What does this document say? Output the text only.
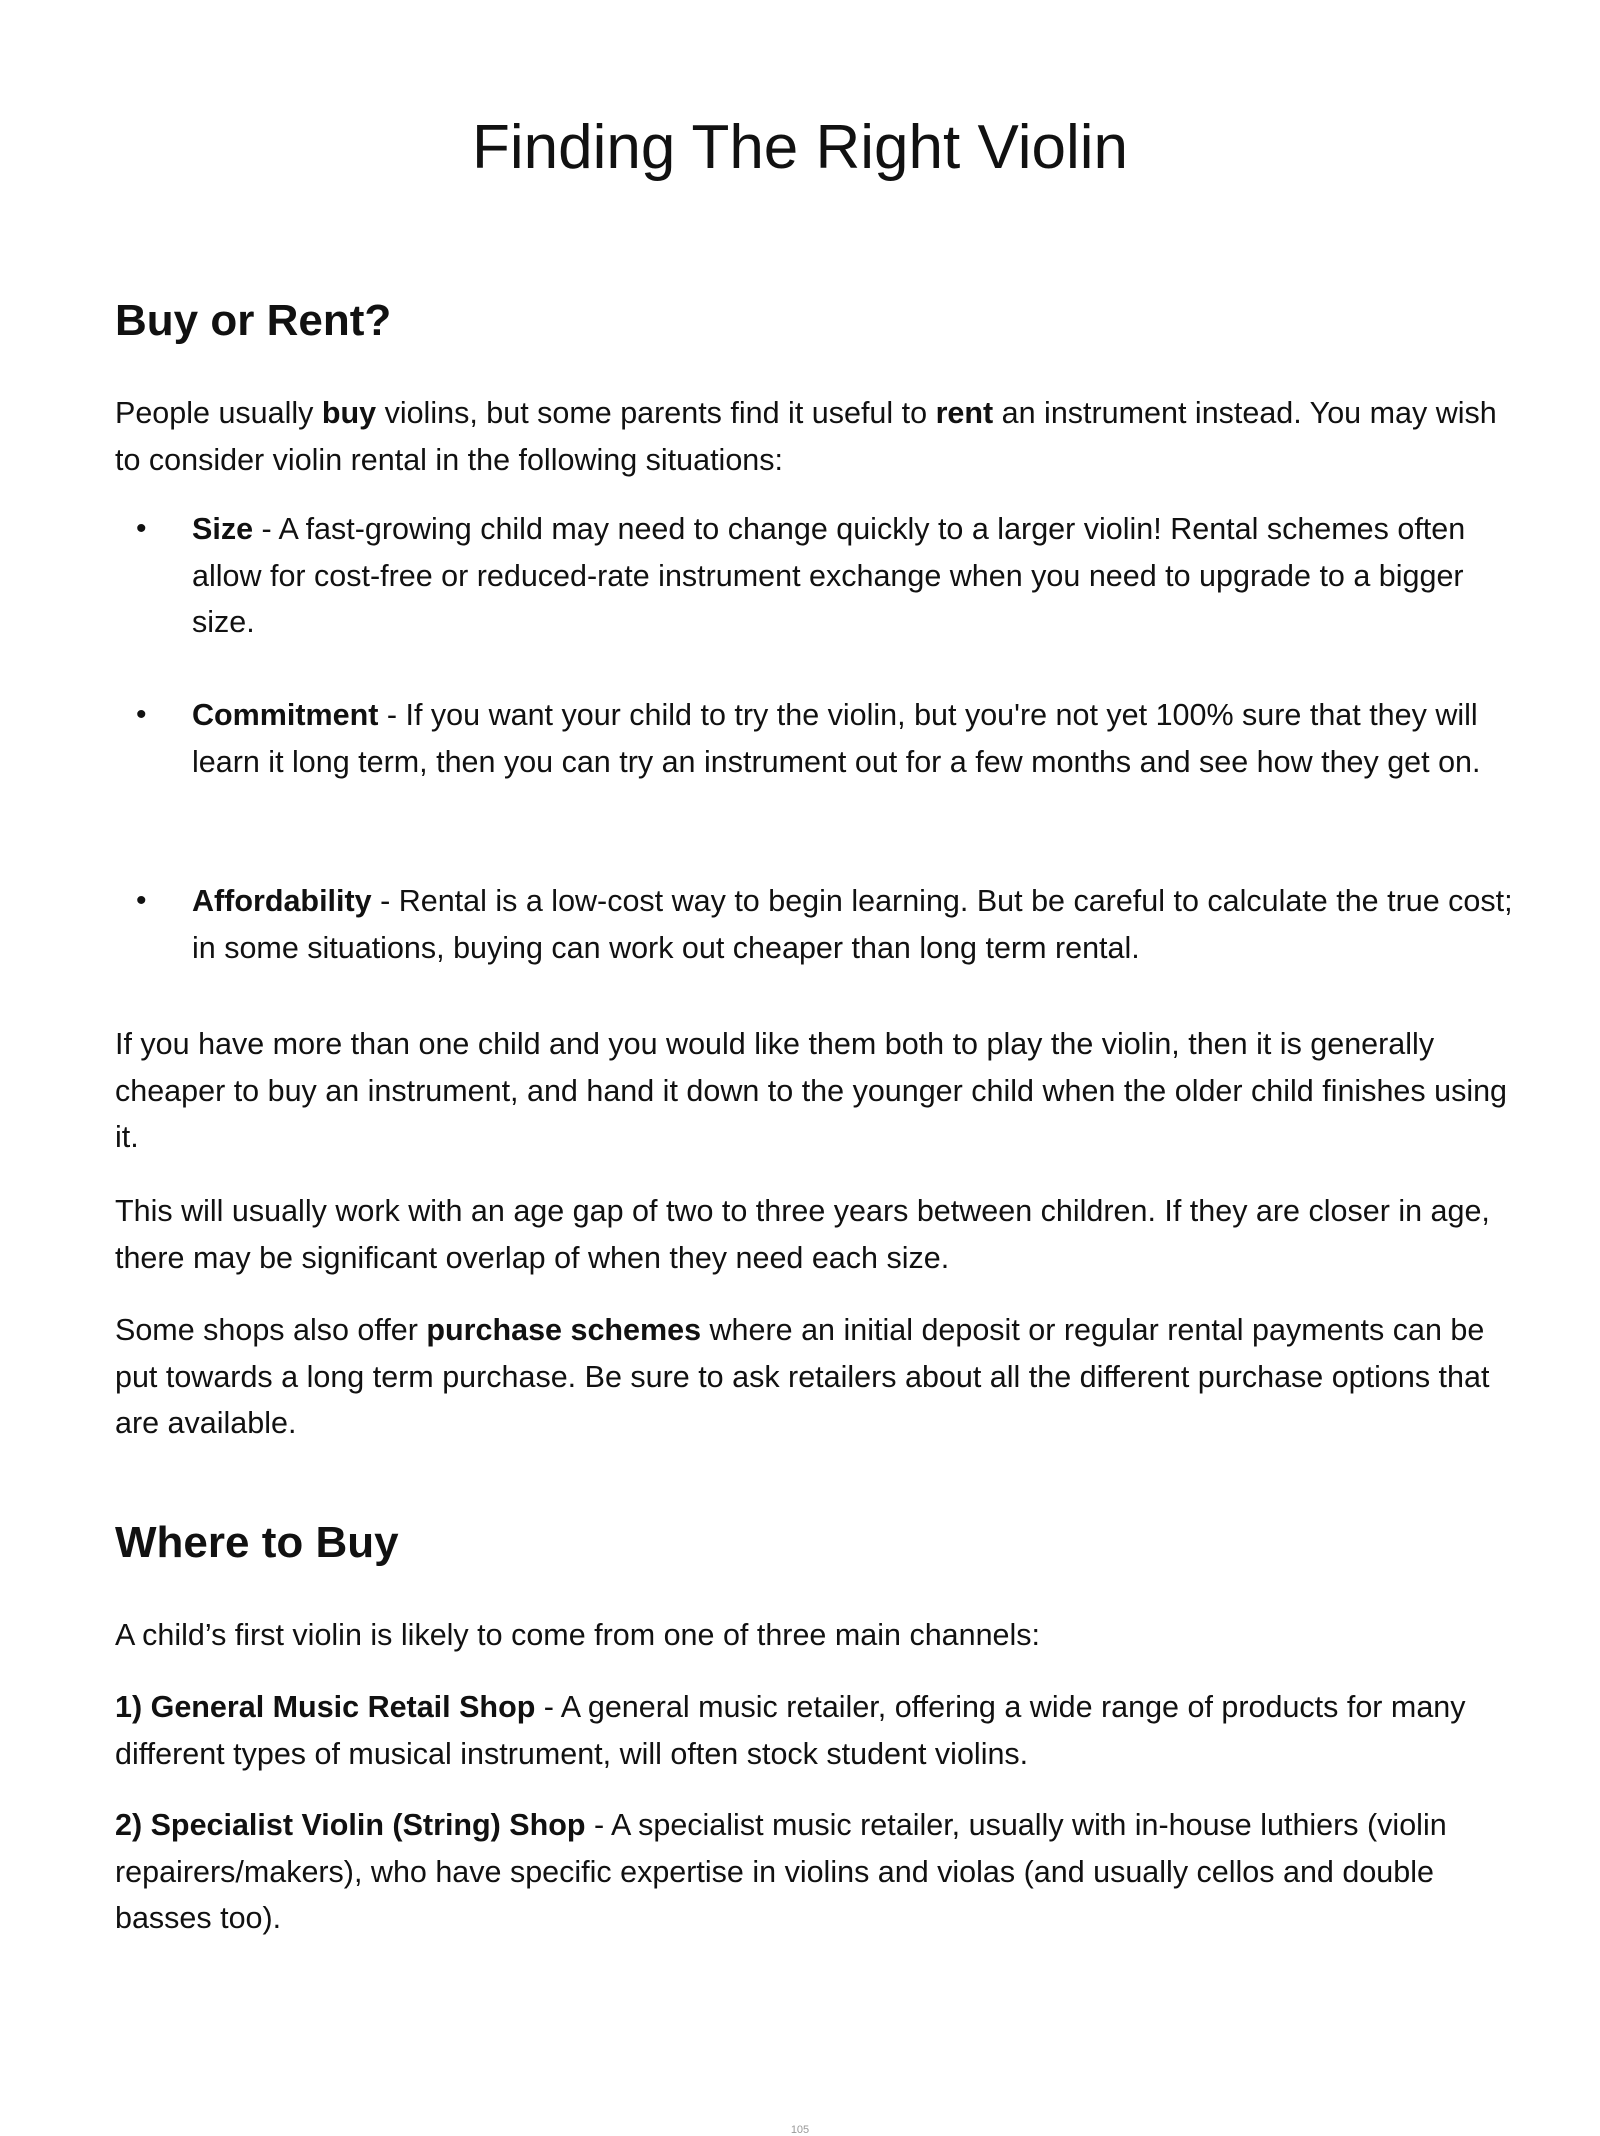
Finding The Right Violin
Buy or Rent?

People usually buy violins, but some parents find it useful to rent an instrument instead. You may wish to consider violin rental in the following situations:

• Size - A fast-growing child may need to change quickly to a larger violin! Rental schemes often allow for cost-free or reduced-rate instrument exchange when you need to upgrade to a bigger size.
• Commitment - If you want your child to try the violin, but you're not yet 100% sure that they will learn it long term, then you can try an instrument out for a few months and see how they get on.
• Affordability - Rental is a low-cost way to begin learning. But be careful to calculate the true cost; in some situations, buying can work out cheaper than long term rental.

If you have more than one child and you would like them both to play the violin, then it is generally cheaper to buy an instrument, and hand it down to the younger child when the older child finishes using it.

This will usually work with an age gap of two to three years between children. If they are closer in age, there may be significant overlap of when they need each size.

Some shops also offer purchase schemes where an initial deposit or regular rental payments can be put towards a long term purchase. Be sure to ask retailers about all the different purchase options that are available.

Where to Buy

A child’s first violin is likely to come from one of three main channels:

1) General Music Retail Shop - A general music retailer, offering a wide range of products for many different types of musical instrument, will often stock student violins.

2) Specialist Violin (String) Shop - A specialist music retailer, usually with in-house luthiers (violin repairers/makers), who have specific expertise in violins and violas (and usually cellos and double basses too).

105
